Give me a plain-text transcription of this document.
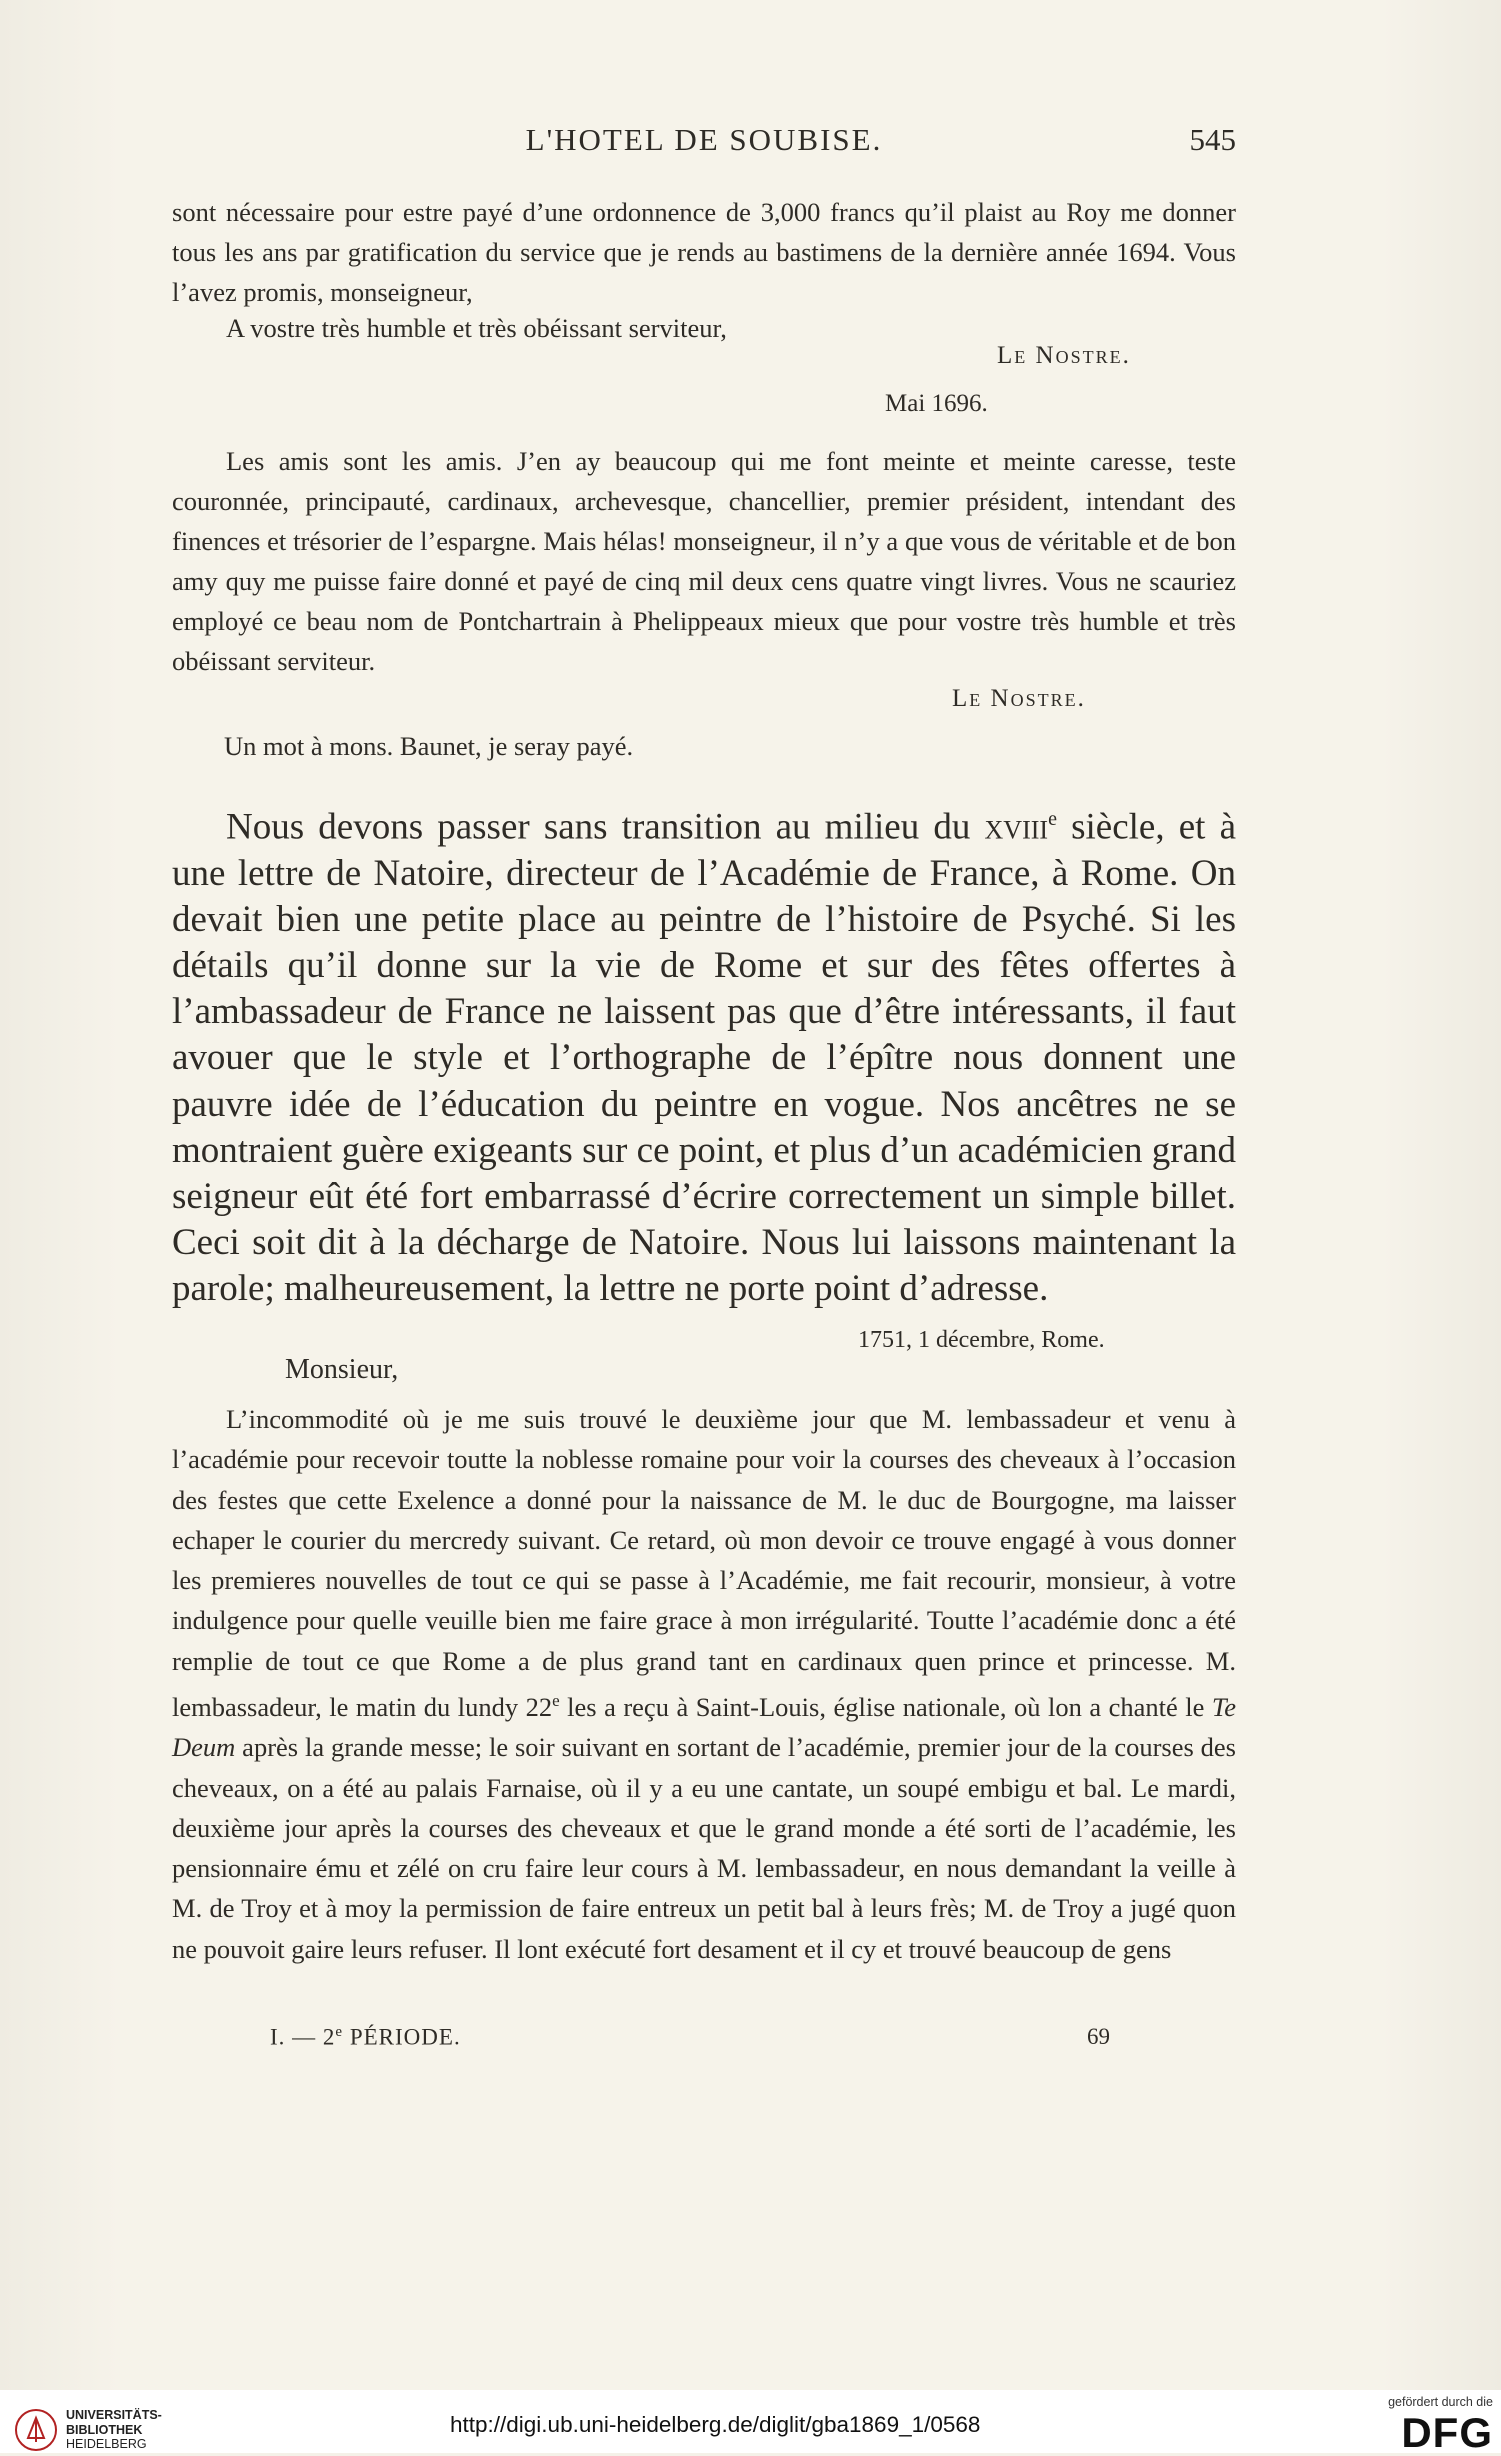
L'HOTEL DE SOUBISE.	545

sont nécessaire pour estre payé d’une ordonnence de 3,000 francs qu’il plaist au Roy me donner tous les ans par gratification du service que je rends au bastimens de la dernière année 1694. Vous l’avez promis, monseigneur,

A vostre très humble et très obéissant serviteur,
Le Nostre.
Mai 1696.

Les amis sont les amis. J’en ay beaucoup qui me font meinte et meinte caresse, teste couronnée, principauté, cardinaux, archevesque, chancellier, premier président, intendant des finences et trésorier de l’espargne. Mais hélas! monseigneur, il n’y a que vous de véritable et de bon amy quy me puisse faire donné et payé de cinq mil deux cens quatre vingt livres. Vous ne scauriez employé ce beau nom de Pontchartrain à Phelippeaux mieux que pour vostre très humble et très obéissant serviteur.

Le Nostre.
Un mot à mons. Baunet, je seray payé.

Nous devons passer sans transition au milieu du xviii$^e$ siècle, et à une lettre de Natoire, directeur de l’Académie de France, à Rome. On devait bien une petite place au peintre de l’histoire de Psyché. Si les détails qu’il donne sur la vie de Rome et sur des fêtes offertes à l’ambassadeur de France ne laissent pas que d’être intéressants, il faut avouer que le style et l’orthographe de l’épître nous donnent une pauvre idée de l’éducation du peintre en vogue. Nos ancêtres ne se montraient guère exigeants sur ce point, et plus d’un académicien grand seigneur eût été fort embarrassé d’écrire correctement un simple billet. Ceci soit dit à la décharge de Natoire. Nous lui laissons maintenant la parole; malheureusement, la lettre ne porte point d’adresse.

1751, 1 décembre, Rome.
Monsieur,

L’incommodité où je me suis trouvé le deuxième jour que M. lembassadeur et venu à l’académie pour recevoir toutte la noblesse romaine pour voir la courses des cheveaux à l’occasion des festes que cette Exelence a donné pour la naissance de M. le duc de Bourgogne, ma laisser echaper le courier du mercredy suivant. Ce retard, où mon devoir ce trouve engagé à vous donner les premieres nouvelles de tout ce qui se passe à l’Académie, me fait recourir, monsieur, à votre indulgence pour quelle veuille bien me faire grace à mon irrégularité. Toutte l’académie donc a été remplie de tout ce que Rome a de plus grand tant en cardinaux quen prince et princesse. M. lembassadeur, le matin du lundy 22e les a reçu à Saint-Louis, église nationale, où lon a chanté le Te Deum après la grande messe; le soir suivant en sortant de l’académie, premier jour de la courses des cheveaux, on a été au palais Farnaise, où il y a eu une cantate, un soupé embigu et bal. Le mardi, deuxième jour après la courses des cheveaux et que le grand monde a été sorti de l’académie, les pensionnaire ému et zélé on cru faire leur cours à M. lembassadeur, en nous demandant la veille à M. de Troy et à moy la permission de faire entreux un petit bal à leurs frès; M. de Troy a jugé quon ne pouvoit gaire leurs refuser. Il lont exécuté fort desament et il cy et trouvé beaucoup de gens

I. — 2e PÉRIODE.	69
UNIVERSITÄTS-
BIBLIOTHEK
HEIDELBERG
http://digi.ub.uni-heidelberg.de/diglit/gba1869_1/0568
gefördert durch die
DFG
